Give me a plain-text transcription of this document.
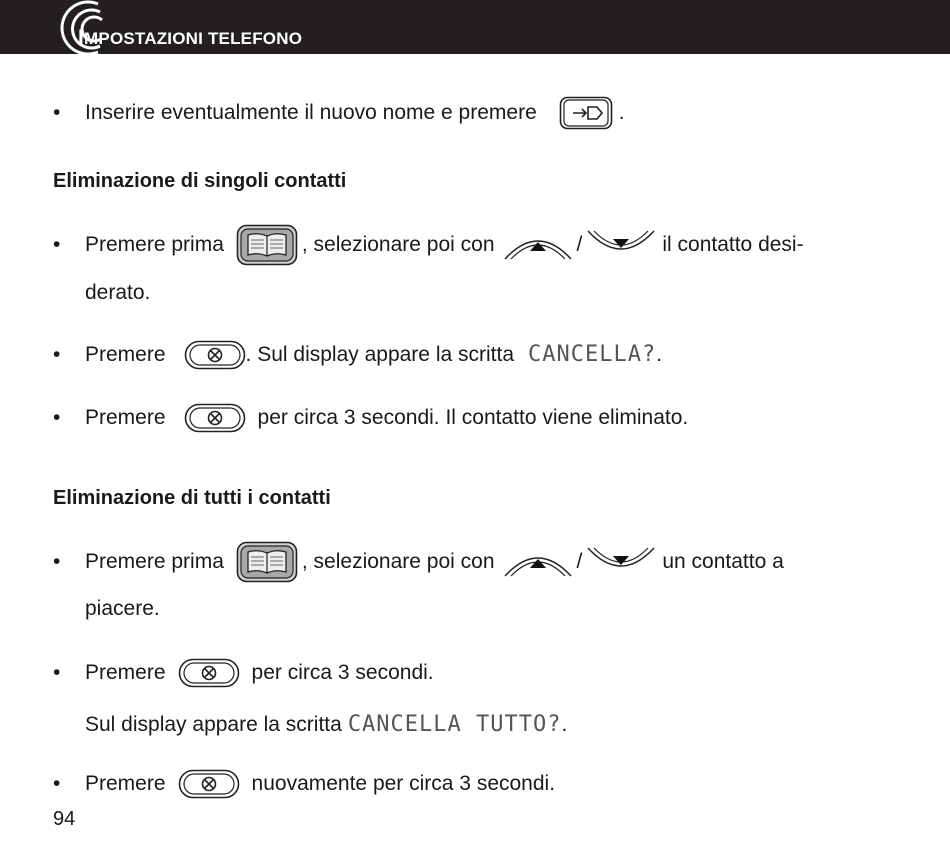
IMPOSTAZIONI TELEFONO
• Inserire eventualmente il nuovo nome e premere	.
Eliminazione di singoli contatti
• Premere prima	, selezionare poi con	/	il contatto desi-
derato.
• Premere	. Sul display appare la scritta CANCELLA? .
• Premere	per circa 3 secondi. Il contatto viene eliminato.
Eliminazione di tutti i contatti
• Premere prima	, selezionare poi con	/	un contatto a
piacere.
• Premere	per circa 3 secondi.
Sul display appare la scritta CANCELLA TUTTO? .
• Premere	nuovamente per circa 3 secondi.
94
